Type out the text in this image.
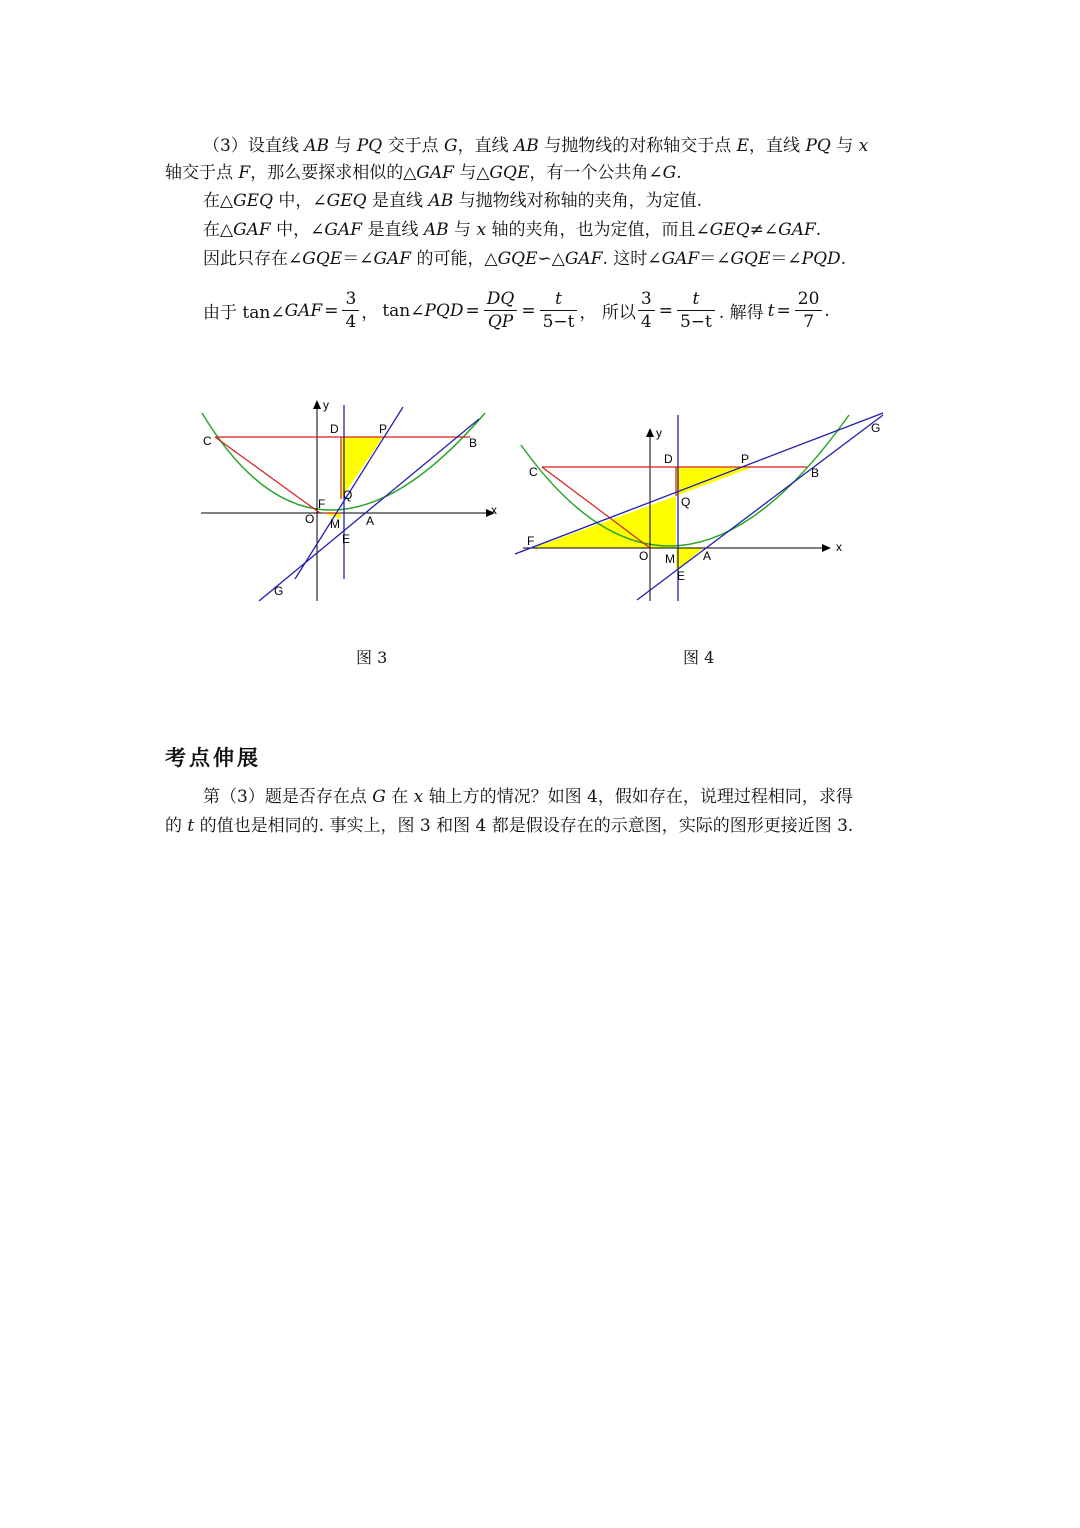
（3）设直线 AB 与 PQ 交于点 G，直线 AB 与抛物线的对称轴交于点 E，直线 PQ 与 x
轴交于点 F，那么要探求相似的△GAF 与△GQE，有一个公共角∠G.
在△GEQ 中，∠GEQ 是直线 AB 与抛物线对称轴的夹角，为定值.
在△GAF 中，∠GAF 是直线 AB 与 x 轴的夹角，也为定值，而且∠GEQ≠∠GAF.
因此只存在∠GQE＝∠GAF 的可能，△GQE∽△GAF. 这时∠GAF＝∠GQE＝∠PQD.
由于 tan∠ GAF = $\frac{3}{4}$ ， tan∠ PQD = $\frac{DQ}{QP} = \frac{t}{5-t}$ ， 所以 $\frac{3}{4} = \frac{t}{5-t}$ . 解得 $t = \frac{20}{7}$ .
y
x
C
D	P
B
Q
F
O M A
E
G
图 3
y
x
C
D	P
B
Q
F
O M A
E
G
图 4
考点伸展
第（3）题是否存在点 G 在 x 轴上方的情况？如图 4，假如存在，说理过程相同，求得
的 t 的值也是相同的. 事实上，图 3 和图 4 都是假设存在的示意图，实际的图形更接近图 3.
